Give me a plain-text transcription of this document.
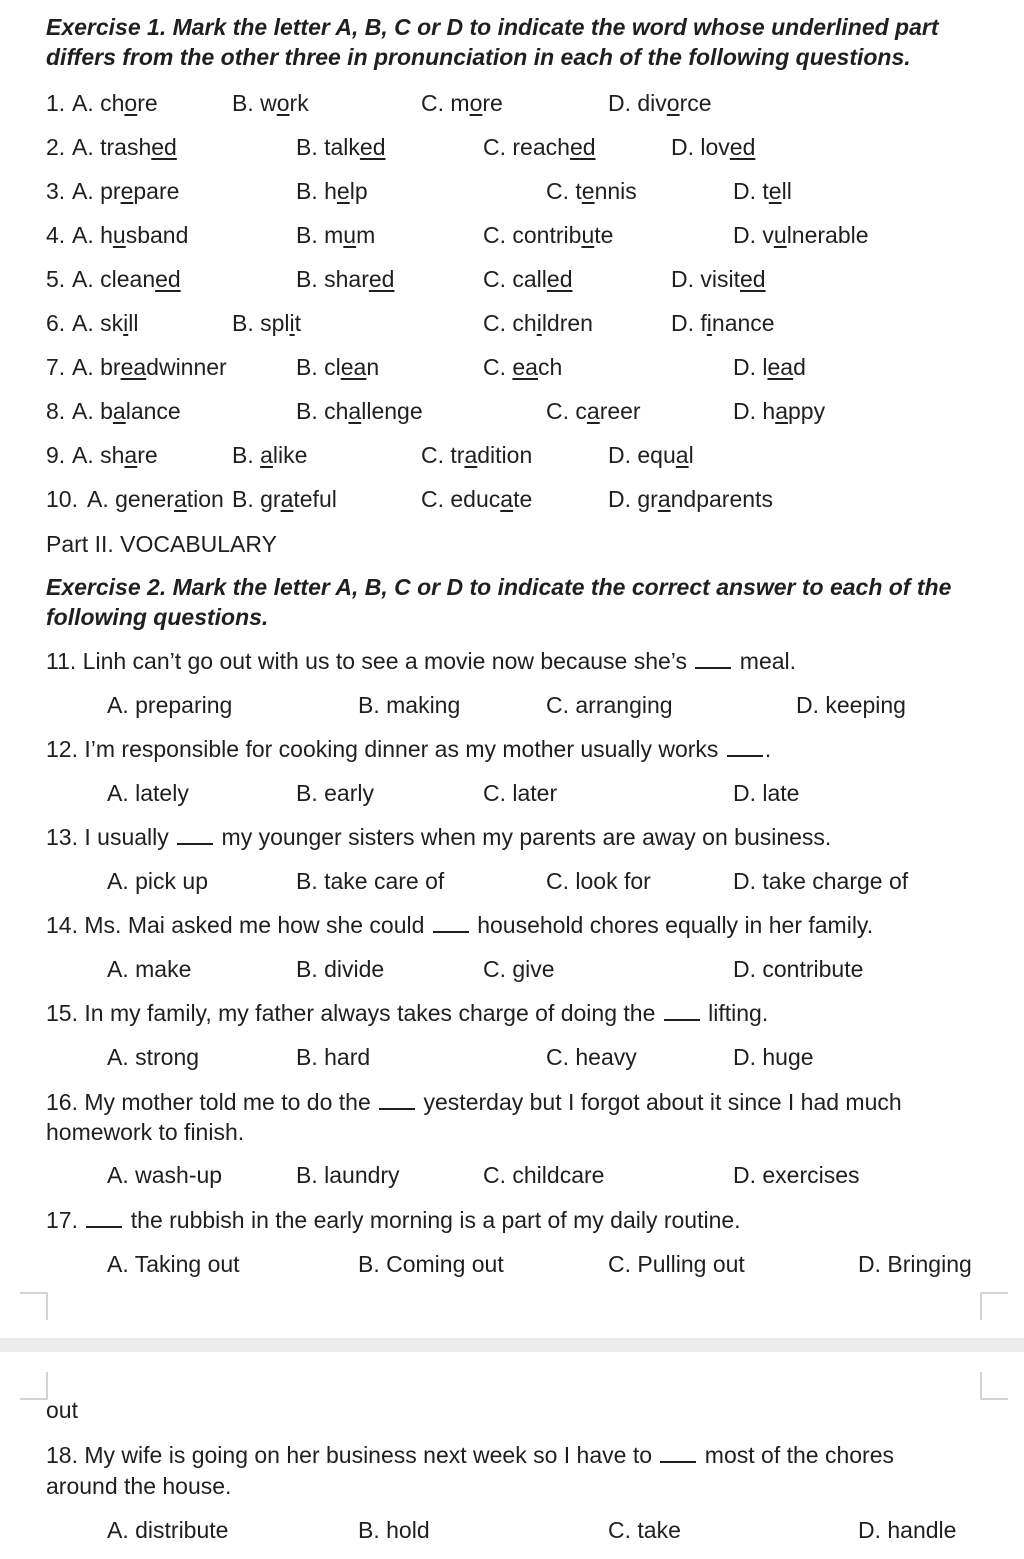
Exercise 1. Mark the letter A, B, C or D to indicate the word whose underlined part differs from the other three in pronunciation in each of the following questions.
1. A. chore	B. work	C. more	D. divorce
2. A. trashed	B. talked	C. reached	D. loved
3. A. prepare	B. help	C. tennis	D. tell
4. A. husband	B. mum	C. contribute	D. vulnerable
5. A. cleaned	B. shared	C. called	D. visited
6. A. skill	B. split	C. children	D. finance
7. A. breadwinner	B. clean	C. each	D. lead
8. A. balance	B. challenge	C. career	D. happy
9. A. share	B. alike	C. tradition	D. equal
10. A. generation B. grateful	C. educate	D. grandparents
Part II. VOCABULARY
Exercise 2. Mark the letter A, B, C or D to indicate the correct answer to each of the following questions.
11. Linh can’t go out with us to see a movie now because she’s meal.
A. preparing	B. making	C. arranging	D. keeping
12. I’m responsible for cooking dinner as my mother usually works .
A. lately	B. early	C. later	D. late
13. I usually my younger sisters when my parents are away on business.
A. pick up	B. take care of	C. look for	D. take charge of
14. Ms. Mai asked me how she could household chores equally in her family.
A. make	B. divide	C. give	D. contribute
15. In my family, my father always takes charge of doing the lifting.
A. strong	B. hard	C. heavy	D. huge
16. My mother told me to do the yesterday but I forgot about it since I had much
homework to finish.
A. wash-up	B. laundry	C. childcare	D. exercises
17. the rubbish in the early morning is a part of my daily routine.
A. Taking out	B. Coming out	C. Pulling out	D. Bringing
out
18. My wife is going on her business next week so I have to most of the chores
around the house.
A. distribute	B. hold	C. take	D. handle
